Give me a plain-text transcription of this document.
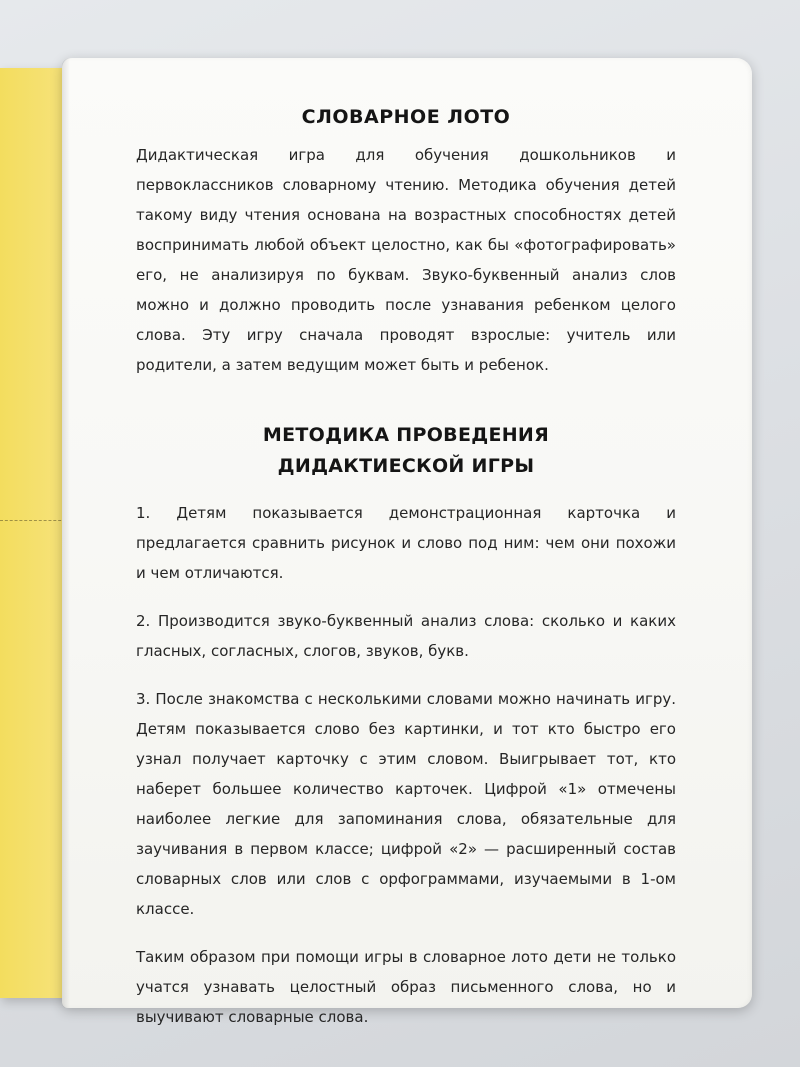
СЛОВАРНОЕ ЛОТО

Дидактическая игра для обучения дошкольников и первоклассников словарному чтению. Методика обучения детей такому виду чтения основана на возрастных способностях детей воспринимать любой объект целостно, как бы «фотографировать» его, не анализируя по буквам. Звуко-буквенный анализ слов можно и должно проводить после узнавания ребенком целого слова. Эту игру сначала проводят взрослые: учитель или родители, а затем ведущим может быть и ребенок.

МЕТОДИКА ПРОВЕДЕНИЯ
ДИДАКТИЕСКОЙ ИГРЫ

1. Детям показывается демонстрационная карточка и предлагается сравнить рисунок и слово под ним: чем они похожи и чем отличаются.

2. Производится звуко-буквенный анализ слова: сколько и каких гласных, согласных, слогов, звуков, букв.

3. После знакомства с несколькими словами можно начинать игру. Детям показывается слово без картинки, и тот кто быстро его узнал получает карточку с этим словом. Выигрывает тот, кто наберет большее количество карточек. Цифрой «1» отмечены наиболее легкие для запоминания слова, обязательные для заучивания в первом классе; цифрой «2» — расширенный состав словарных слов или слов с орфограммами, изучаемыми в 1-ом классе.

Таким образом при помощи игры в словарное лото дети не только учатся узнавать целостный образ письменного слова, но и выучивают словарные слова.
